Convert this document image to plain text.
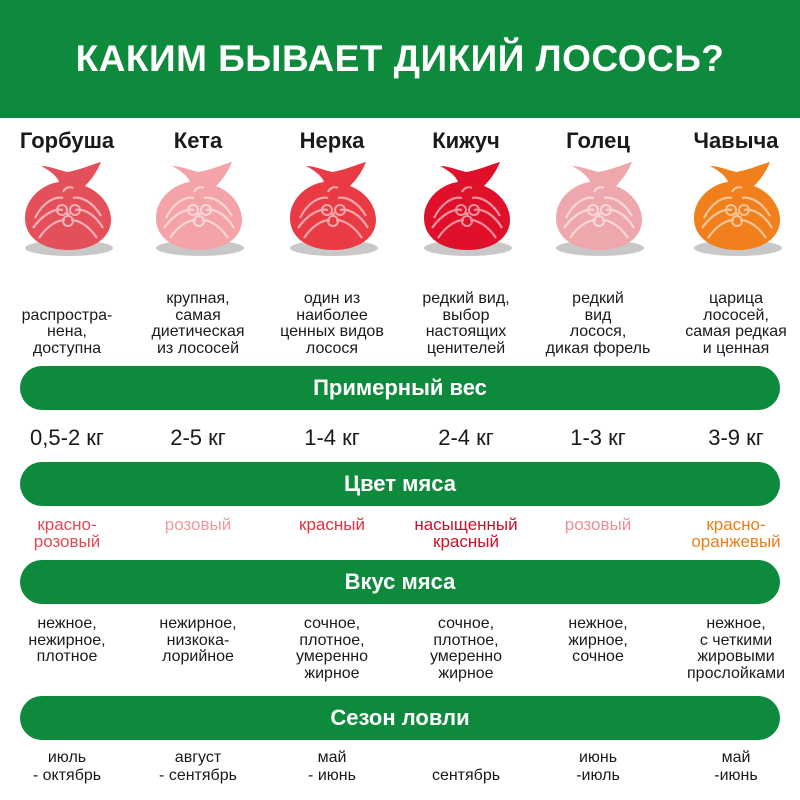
КАКИМ БЫВАЕТ ДИКИЙ ЛОСОСЬ?
Горбуша
распростра-
нена,
доступна
0,5-2 кг
красно-
розовый
нежное,
нежирное,
плотное
июль
- октябрь
Кета
крупная,
самая
диетическая
из лососей
2-5 кг
розовый
нежирное,
низкока-
лорийное
август
- сентябрь
Нерка
один из
наиболее
ценных видов
лосося
1-4 кг
красный
сочное,
плотное,
умеренно
жирное
май
- июнь
Кижуч
редкий вид,
выбор
настоящих
ценителей
2-4 кг
насыщенный
красный
сочное,
плотное,
умеренно
жирное
сентябрь
Голец
редкий
вид
лосося,
дикая форель
1-3 кг
розовый
нежное,
жирное,
сочное
июнь
-июль
Чавыча
царица
лососей,
самая редкая
и ценная
3-9 кг
красно-
оранжевый
нежное,
с четкими
жировыми
прослойками
май
-июнь
Примерный вес
Цвет мяса
Вкус мяса
Сезон ловли
